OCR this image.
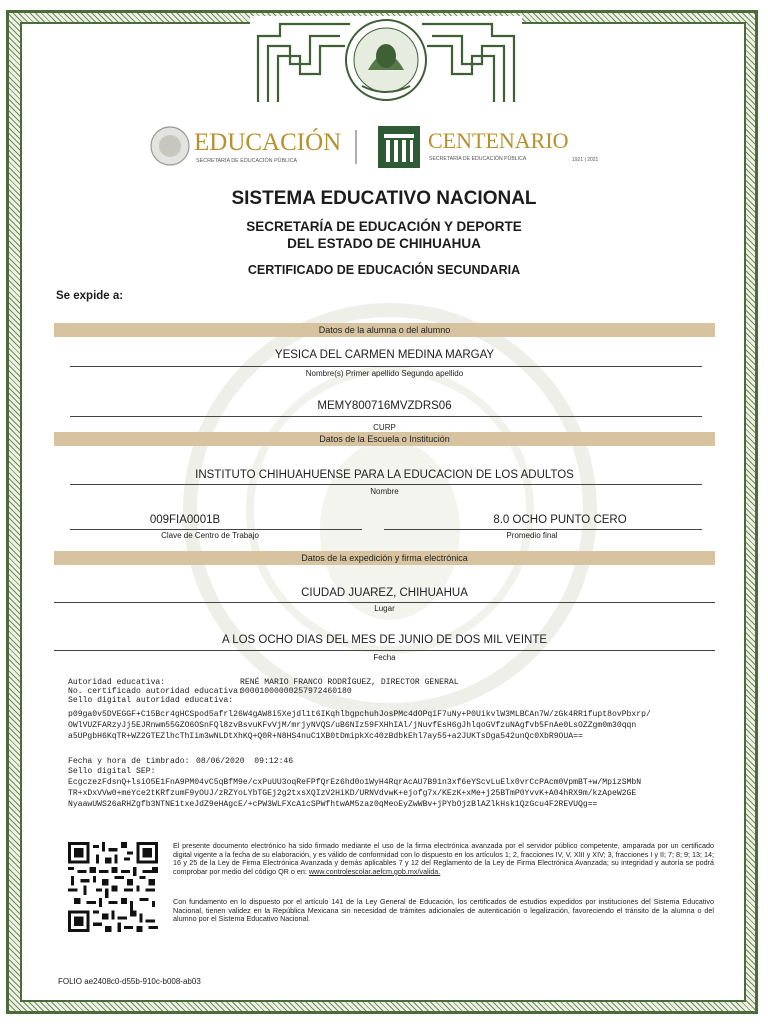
EDUCACIÓN
SECRETARÍA DE EDUCACIÓN PÚBLICA
CENTENARIO
SECRETARÍA DE EDUCACIÓN PÚBLICA	1921 | 2021
SISTEMA EDUCATIVO NACIONAL
SECRETARÍA DE EDUCACIÓN Y DEPORTE
DEL ESTADO DE CHIHUAHUA
CERTIFICADO DE EDUCACIÓN SECUNDARIA
Se expide a:
Datos de la alumna o del alumno
YESICA DEL CARMEN MEDINA MARGAY
Nombre(s) Primer apellido Segundo apellido
MEMY800716MVZDRS06
CURP
Datos de la Escuela o Institución
INSTITUTO CHIHUAHUENSE PARA LA EDUCACION DE LOS ADULTOS
Nombre
009FIA0001B
Clave de Centro de Trabajo
8.0 OCHO PUNTO CERO
Promedio final
Datos de la expedición y firma electrónica
CIUDAD JUAREZ, CHIHUAHUA
Lugar
A LOS OCHO DIAS DEL MES DE JUNIO DE DOS MIL VEINTE
Fecha
Autoridad educativa:	RENÉ MARIO FRANCO RODRÍGUEZ, DIRECTOR GENERAL
No. certificado autoridad educativa:
00001000000257972460180
Sello digital autoridad educativa:
p09ga0v5DVEGGF+C15Bcr4gHCSpod5afrl26W4gAW8i5Xejdl1t6IKqhlbgpchuhJosPMc4dOPqiF7uNy+P0UikvlW3MLBCAn7W/zGk4RR1fupt8ovPbxrp/
OWlVUZFARzyJj5EJRnwm55GZO6OSnFQl8zvBsvuKFvVjM/mrjyNVQS/uB6NIz59FXHhIAl/jNuvfEsH6gJhlqoGVfzuNAgfvb5FnAe0LsOZZgm0m30qqn
a5UPgbH6KqTR+WZ2GTEZlhcThIim3wNLDtXhKQ+Q0R+N8HS4nuC1XB0tDmipkXc40zBdbkEhl7ay55+a2JUKTsDga542unQc0XbR9OUA==
Fecha y hora de timbrado: 08/06/2020  09:12:46
Sello digital SEP:
EcgczezFdsnQ+lsiO5E1FnA9PM04vC5qBfM9e/cxPuUU3oqReFPfQrEz6hd0o1WyH4RqrAcAU7B91n3xf6eYScvLuElx0vrCcPAcm0VpmBT+w/MpizSMbN
TR+xDxVVw0+meYce2tKRfzumF9yOUJ/zRZYoLYbTGEj2g2txsXQIzV2HiKD/URNVdvwK+ejofg7x/KEzK+xMe+j25BTmP0YvvK+A04hRX9m/kzApeW2GE
NyaawUWS26aRHZgfb3NTNE1txeJdZ9eHAgcE/+cPW3WLFXcA1cSPWfhtwAM5zaz0qMeoEyZwWBv+jPYbOjzBlAZlkHsk1QzGcu4F2REVUQg==
El presente documento electrónico ha sido firmado mediante el uso de la firma electrónica avanzada por el servidor público competente, amparada por un certificado digital vigente a la fecha de su elaboración, y es válido de conformidad con lo dispuesto en los artículos 1; 2, fracciones IV, V, XIII y XIV; 3, fracciones I y II; 7; 8; 9; 13; 14; 16 y 25 de la Ley de Firma Electrónica Avanzada y demás aplicables 7 y 12 del Reglamento de la Ley de Firma Electrónica Avanzada; su integridad y autoría se podrá comprobar por medio del código QR o en: www.controlescolar.aefcm.gob.mx/valida.
Con fundamento en lo dispuesto por el artículo 141 de la Ley General de Educación, los certificados de estudios expedidos por instituciones del Sistema Educativo Nacional, tienen validez en la República Mexicana sin necesidad de trámites adicionales de autenticación o legalización, favoreciendo el tránsito de la alumna o del alumno por el Sistema Educativo Nacional.
FOLIO ae2408c0-d55b-910c-b008-ab03
